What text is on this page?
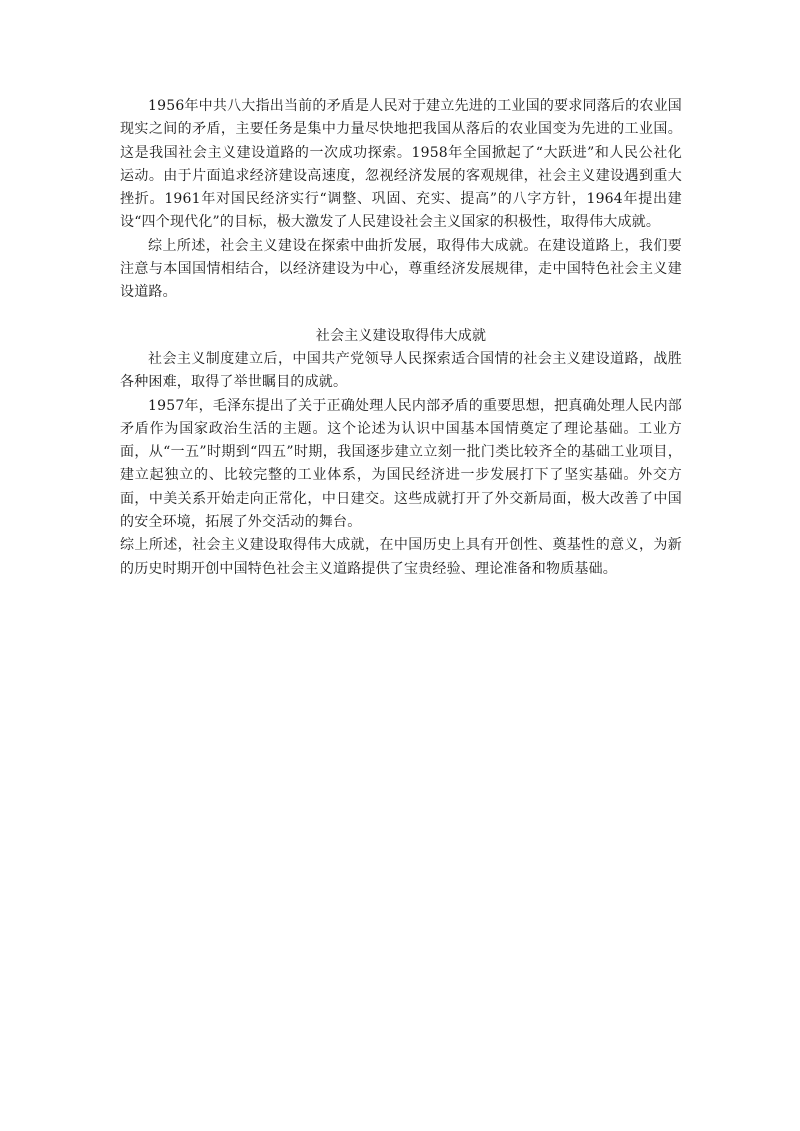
1956年中共八大指出当前的矛盾是人民对于建立先进的工业国的要求同落后的农业国现实之间的矛盾，主要任务是集中力量尽快地把我国从落后的农业国变为先进的工业国。这是我国社会主义建设道路的一次成功探索。1958年全国掀起了“大跃进”和人民公社化运动。由于片面追求经济建设高速度，忽视经济发展的客观规律，社会主义建设遇到重大挫折。1961年对国民经济实行“调整、巩固、充实、提高”的八字方针，1964年提出建设“四个现代化”的目标，极大激发了人民建设社会主义国家的积极性，取得伟大成就。

综上所述，社会主义建设在探索中曲折发展，取得伟大成就。在建设道路上，我们要注意与本国国情相结合，以经济建设为中心，尊重经济发展规律，走中国特色社会主义建设道路。

社会主义建设取得伟大成就

社会主义制度建立后，中国共产党领导人民探索适合国情的社会主义建设道路，战胜各种困难，取得了举世瞩目的成就。

1957年，毛泽东提出了关于正确处理人民内部矛盾的重要思想，把真确处理人民内部矛盾作为国家政治生活的主题。这个论述为认识中国基本国情奠定了理论基础。工业方面，从“一五”时期到“四五”时期，我国逐步建立立刻一批门类比较齐全的基础工业项目，建立起独立的、比较完整的工业体系，为国民经济进一步发展打下了坚实基础。外交方面，中美关系开始走向正常化，中日建交。这些成就打开了外交新局面，极大改善了中国的安全环境，拓展了外交活动的舞台。

综上所述，社会主义建设取得伟大成就，在中国历史上具有开创性、奠基性的意义，为新的历史时期开创中国特色社会主义道路提供了宝贵经验、理论准备和物质基础。
